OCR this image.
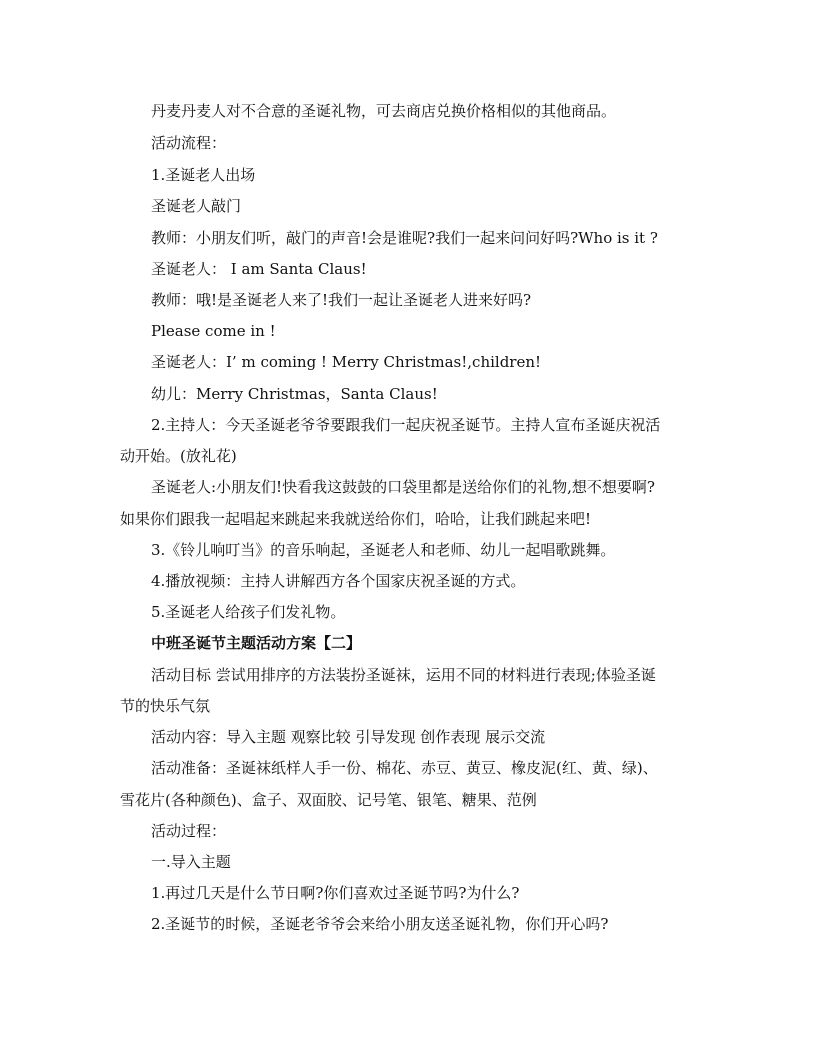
丹麦丹麦人对不合意的圣诞礼物，可去商店兑换价格相似的其他商品。

活动流程：

1.圣诞老人出场

圣诞老人敲门

教师：小朋友们听，敲门的声音!会是谁呢?我们一起来问问好吗?Who is it ?

圣诞老人： I am Santa Claus!

教师：哦!是圣诞老人来了!我们一起让圣诞老人进来好吗?

Please come in !

圣诞老人：I’ m coming ! Merry Christmas!,children!

幼儿：Merry Christmas，Santa Claus!

2.主持人：今天圣诞老爷爷要跟我们一起庆祝圣诞节。主持人宣布圣诞庆祝活

动开始。(放礼花)

圣诞老人:小朋友们!快看我这鼓鼓的口袋里都是送给你们的礼物,想不想要啊?

如果你们跟我一起唱起来跳起来我就送给你们，哈哈，让我们跳起来吧!

3.《铃儿响叮当》的音乐响起，圣诞老人和老师、幼儿一起唱歌跳舞。

4.播放视频：主持人讲解西方各个国家庆祝圣诞的方式。

5.圣诞老人给孩子们发礼物。

中班圣诞节主题活动方案【二】

活动目标 尝试用排序的方法装扮圣诞袜，运用不同的材料进行表现;体验圣诞

节的快乐气氛

活动内容：导入主题 观察比较 引导发现 创作表现 展示交流

活动准备：圣诞袜纸样人手一份、棉花、赤豆、黄豆、橡皮泥(红、黄、绿)、

雪花片(各种颜色)、盒子、双面胶、记号笔、银笔、糖果、范例

活动过程：

一.导入主题

1.再过几天是什么节日啊?你们喜欢过圣诞节吗?为什么?

2.圣诞节的时候，圣诞老爷爷会来给小朋友送圣诞礼物，你们开心吗?
